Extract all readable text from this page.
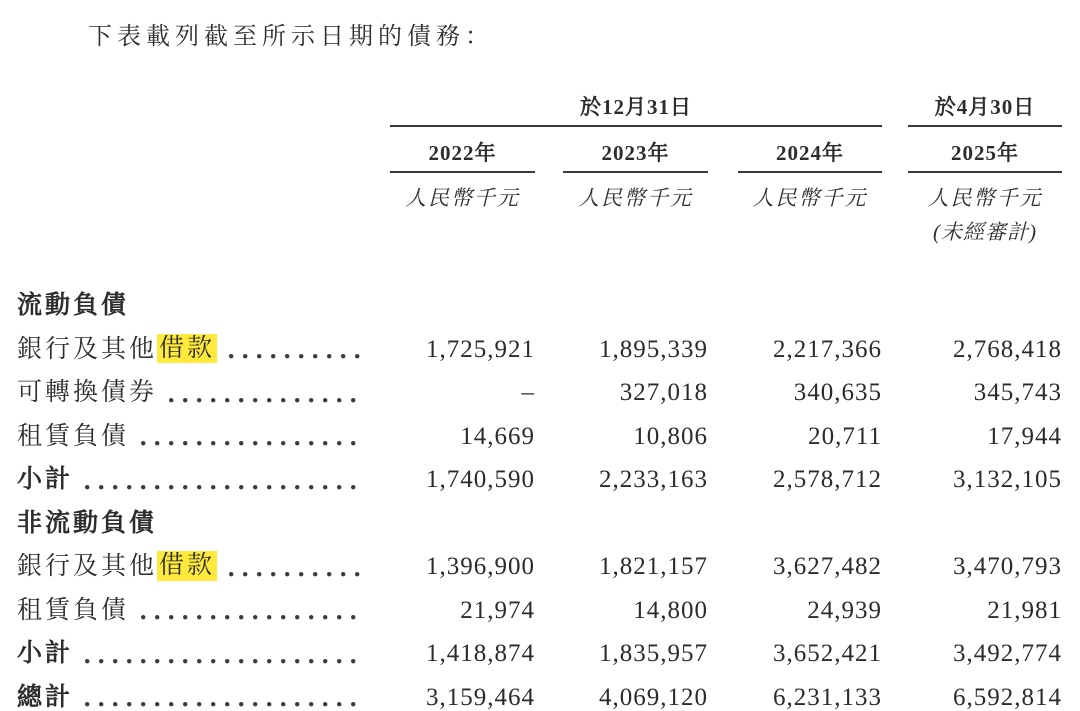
下表載列截至所示日期的債務：
於12月31日	於4月30日
2022年	2023年	2024年	2025年
人民幣千元	人民幣千元	人民幣千元	人民幣千元
(未經審計)
流動負債
銀行及其他 借款	1,725,921	1,895,339	2,217,366	2,768,418
可轉換債券	–	327,018	340,635	345,743
租賃負債	14,669	10,806	20,711	17,944
小計	1,740,590	2,233,163	2,578,712	3,132,105
非流動負債
銀行及其他 借款	1,396,900	1,821,157	3,627,482	3,470,793
租賃負債	21,974	14,800	24,939	21,981
小計	1,418,874	1,835,957	3,652,421	3,492,774
總計	3,159,464	4,069,120	6,231,133	6,592,814
